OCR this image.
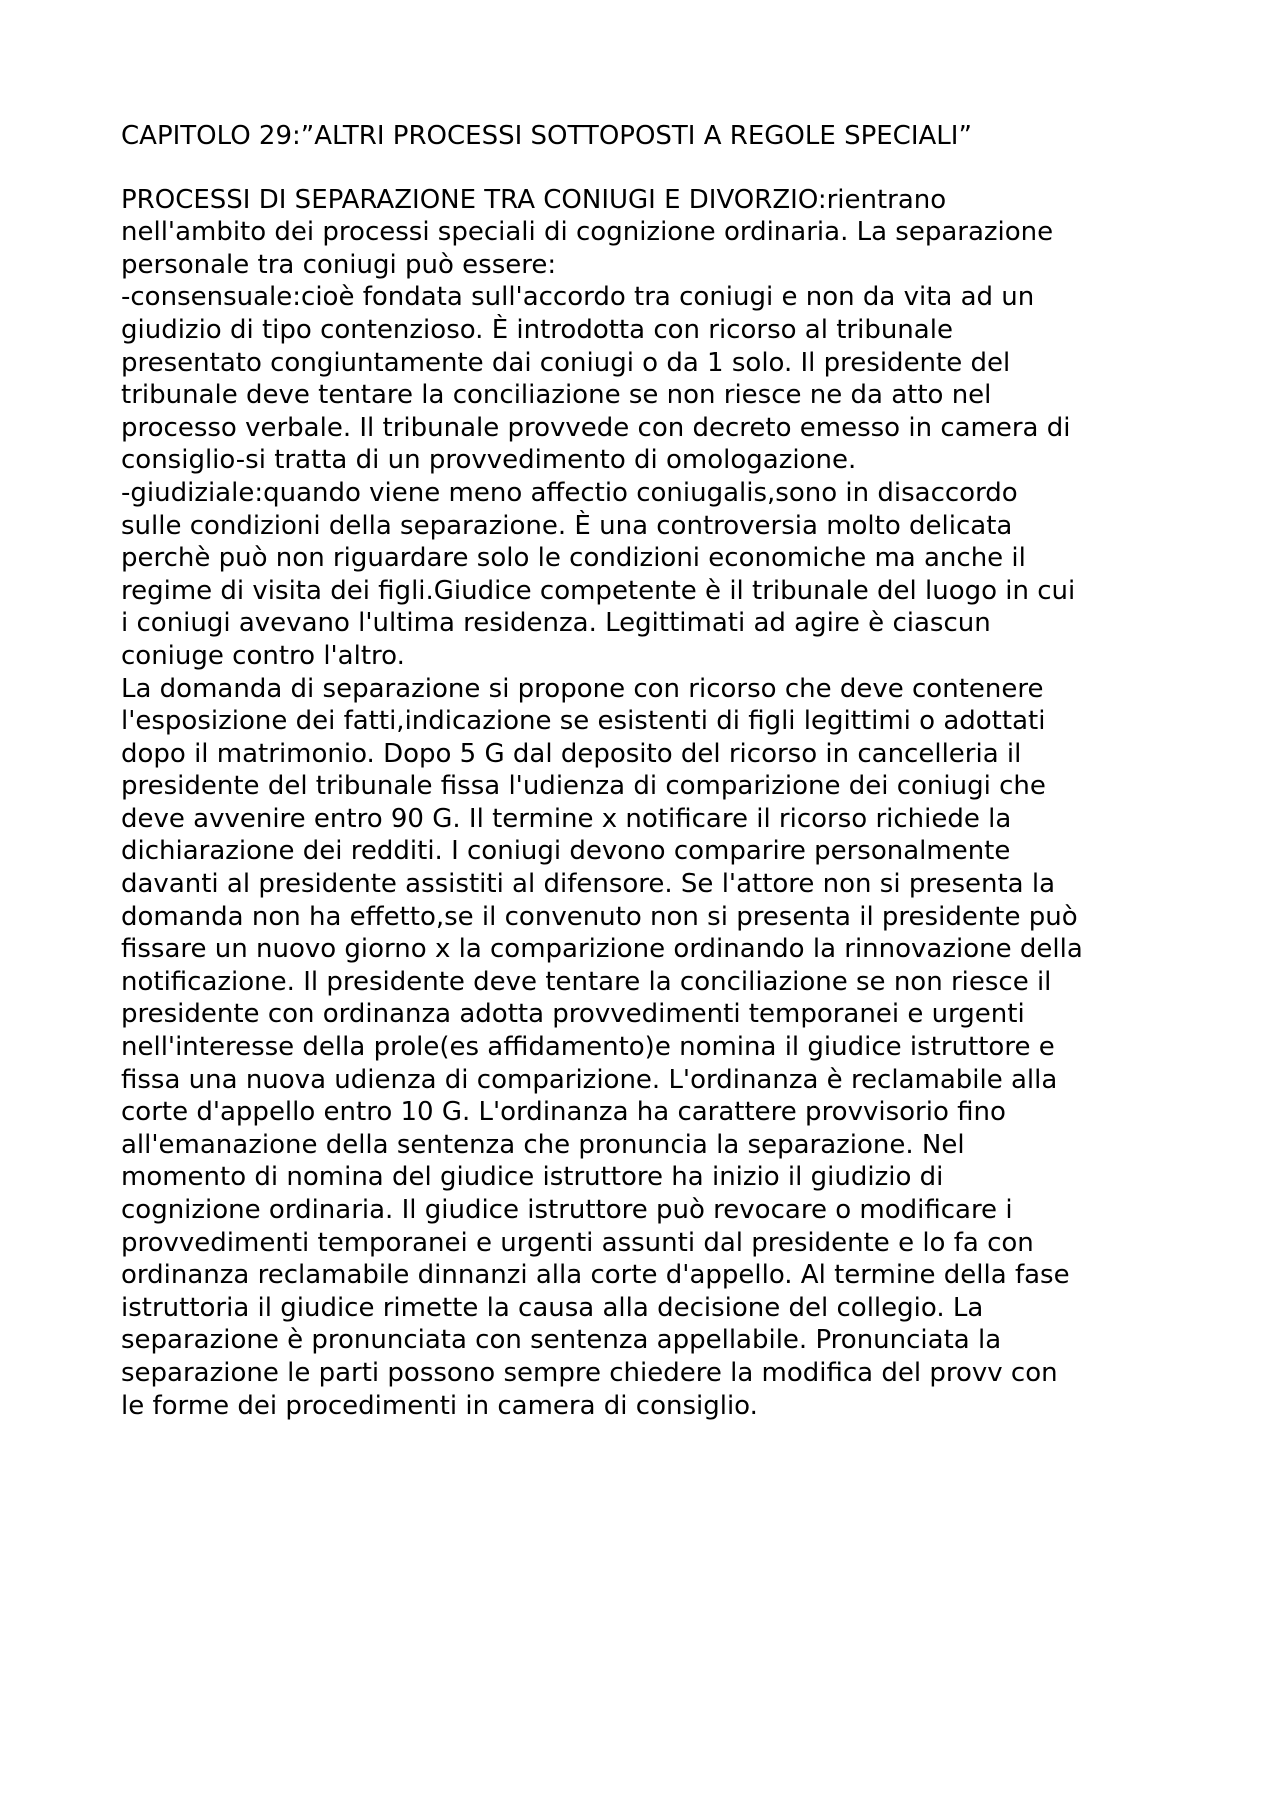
CAPITOLO 29:”ALTRI PROCESSI SOTTOPOSTI A REGOLE SPECIALI”
PROCESSI DI SEPARAZIONE TRA CONIUGI E DIVORZIO:rientrano
nell'ambito dei processi speciali di cognizione ordinaria. La separazione
personale tra coniugi può essere:
-consensuale:cioè fondata sull'accordo tra coniugi e non da vita ad un
giudizio di tipo contenzioso. È introdotta con ricorso al tribunale
presentato congiuntamente dai coniugi o da 1 solo. Il presidente del
tribunale deve tentare la conciliazione se non riesce ne da atto nel
processo verbale. Il tribunale provvede con decreto emesso in camera di
consiglio-si tratta di un provvedimento di omologazione.
-giudiziale:quando viene meno affectio coniugalis,sono in disaccordo
sulle condizioni della separazione. È una controversia molto delicata
perchè può non riguardare solo le condizioni economiche ma anche il
regime di visita dei figli.Giudice competente è il tribunale del luogo in cui
i coniugi avevano l'ultima residenza. Legittimati ad agire è ciascun
coniuge contro l'altro.
La domanda di separazione si propone con ricorso che deve contenere
l'esposizione dei fatti,indicazione se esistenti di figli legittimi o adottati
dopo il matrimonio. Dopo 5 G dal deposito del ricorso in cancelleria il
presidente del tribunale fissa l'udienza di comparizione dei coniugi che
deve avvenire entro 90 G. Il termine x notificare il ricorso richiede la
dichiarazione dei redditi. I coniugi devono comparire personalmente
davanti al presidente assistiti al difensore. Se l'attore non si presenta la
domanda non ha effetto,se il convenuto non si presenta il presidente può
fissare un nuovo giorno x la comparizione ordinando la rinnovazione della
notificazione. Il presidente deve tentare la conciliazione se non riesce il
presidente con ordinanza adotta provvedimenti temporanei e urgenti
nell'interesse della prole(es affidamento)e nomina il giudice istruttore e
fissa una nuova udienza di comparizione. L'ordinanza è reclamabile alla
corte d'appello entro 10 G. L'ordinanza ha carattere provvisorio fino
all'emanazione della sentenza che pronuncia la separazione. Nel
momento di nomina del giudice istruttore ha inizio il giudizio di
cognizione ordinaria. Il giudice istruttore può revocare o modificare i
provvedimenti temporanei e urgenti assunti dal presidente e lo fa con
ordinanza reclamabile dinnanzi alla corte d'appello. Al termine della fase
istruttoria il giudice rimette la causa alla decisione del collegio. La
separazione è pronunciata con sentenza appellabile. Pronunciata la
separazione le parti possono sempre chiedere la modifica del provv con
le forme dei procedimenti in camera di consiglio.
